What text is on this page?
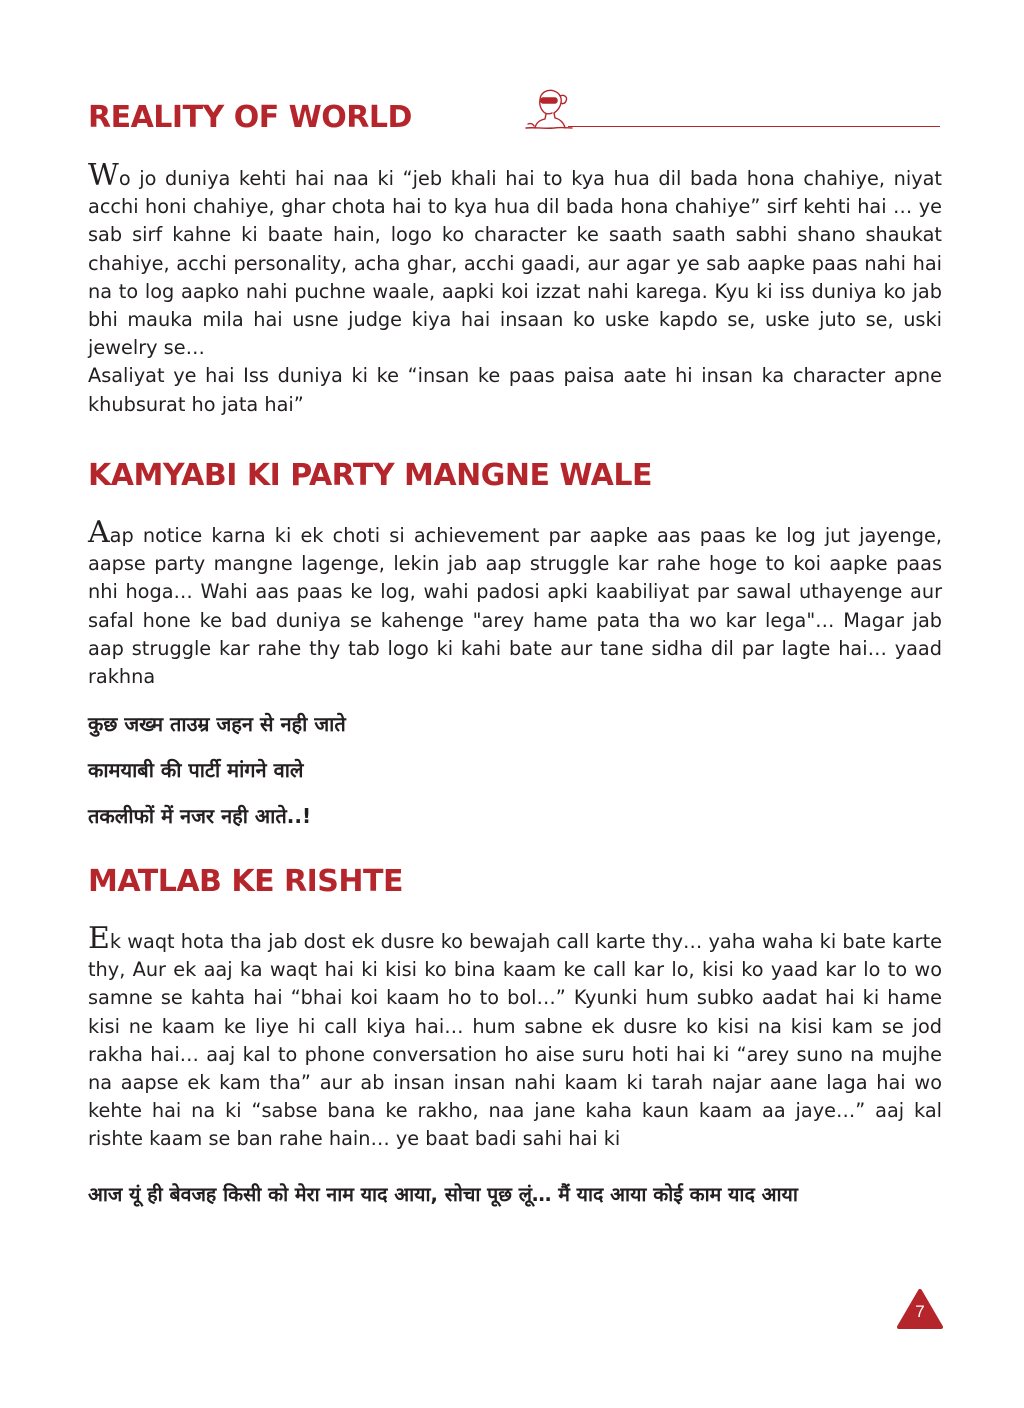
REALITY OF WORLD

Wo jo duniya kehti hai naa ki “jeb khali hai to kya hua dil bada hona chahiye, niyat acchi honi chahiye, ghar chota hai to kya hua dil bada hona chahiye” sirf kehti hai … ye sab sirf kahne ki baate hain, logo ko character ke saath saath sabhi shano shaukat chahiye, acchi personality, acha ghar, acchi gaadi, aur agar ye sab aapke paas nahi hai na to log aapko nahi puchne waale, aapki koi izzat nahi karega. Kyu ki iss duniya ko jab bhi mauka mila hai usne judge kiya hai insaan ko uske kapdo se, uske juto se, uski jewelry se…
Asaliyat ye hai Iss duniya ki ke “insan ke paas paisa aate hi insan ka character apne khubsurat ho jata hai”

KAMYABI KI PARTY MANGNE WALE

Aap notice karna ki ek choti si achievement par aapke aas paas ke log jut jayenge, aapse party mangne lagenge, lekin jab aap struggle kar rahe hoge to koi aapke paas nhi hoga… Wahi aas paas ke log, wahi padosi apki kaabiliyat par sawal uthayenge aur safal hone ke bad duniya se kahenge "arey hame pata tha wo kar lega"… Magar jab aap struggle kar rahe thy tab logo ki kahi bate aur tane sidha dil par lagte hai… yaad rakhna

कुछ जख्म ताउम्र जहन से नही जाते

कामयाबी की पार्टी मांगने वाले

तकलीफों में नजर नही आते..!

MATLAB KE RISHTE

Ek waqt hota tha jab dost ek dusre ko bewajah call karte thy… yaha waha ki bate karte thy, Aur ek aaj ka waqt hai ki kisi ko bina kaam ke call kar lo, kisi ko yaad kar lo to wo samne se kahta hai “bhai koi kaam ho to bol…” Kyunki hum subko aadat hai ki hame kisi ne kaam ke liye hi call kiya hai… hum sabne ek dusre ko kisi na kisi kam se jod rakha hai… aaj kal to phone conversation ho aise suru hoti hai ki “arey suno na mujhe na aapse ek kam tha” aur ab insan insan nahi kaam ki tarah najar aane laga hai wo kehte hai na ki “sabse bana ke rakho, naa jane kaha kaun kaam aa jaye…” aaj kal rishte kaam se ban rahe hain… ye baat badi sahi hai ki

आज यूं ही बेवजह किसी को मेरा नाम याद आया, सोचा पूछ लूं… मैं याद आया कोई काम याद आया

7
